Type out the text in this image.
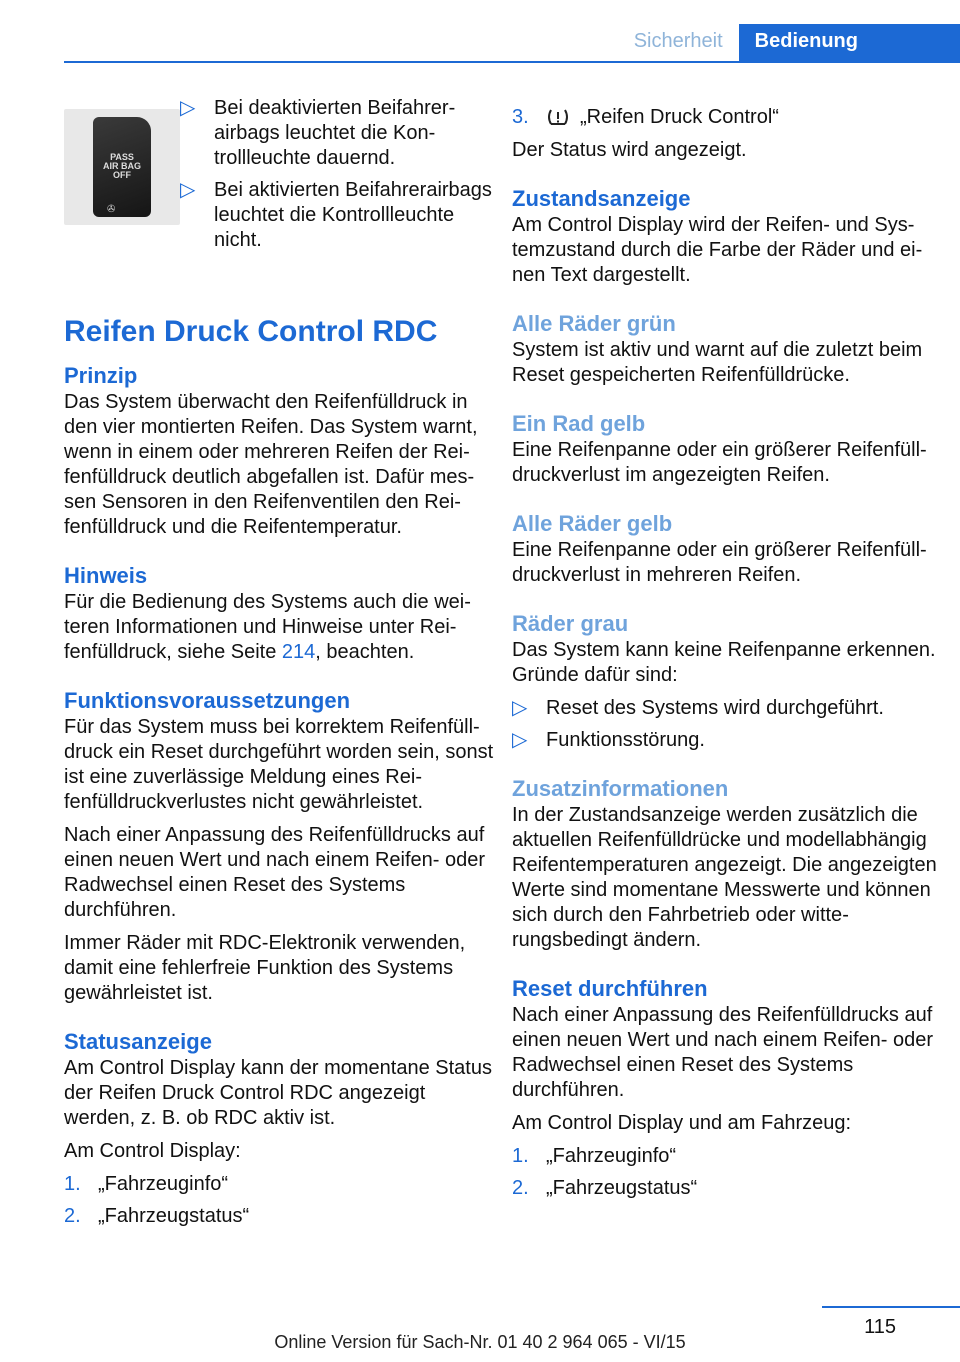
Sicherheit	Bedienung
PASS
AIR BAG
OFF
✇
▷ Bei deaktivierten Beifahrerairbags leuchtet die Kontrollleuchte dauernd.
▷ Bei aktivierten Beifahrerairbags leuchtet die Kontrollleuchte nicht.
Reifen Druck Control RDC
Prinzip

Das System überwacht den Reifenfülldruck in den vier montierten Reifen. Das System warnt, wenn in einem oder mehreren Reifen der Reifenfülldruck deutlich abgefallen ist. Dafür messen Sensoren in den Reifenventilen den Reifenfülldruck und die Reifentemperatur.

Hinweis

Für die Bedienung des Systems auch die weiteren Informationen und Hinweise unter Reifenfülldruck, siehe Seite 214, beachten.

Funktionsvoraussetzungen

Für das System muss bei korrektem Reifenfülldruck ein Reset durchgeführt worden sein, sonst ist eine zuverlässige Meldung eines Reifenfülldruckverlustes nicht gewährleistet.

Nach einer Anpassung des Reifenfülldrucks auf einen neuen Wert und nach einem Reifen- oder Radwechsel einen Reset des Systems durchführen.

Immer Räder mit RDC-Elektronik verwenden, damit eine fehlerfreie Funktion des Systems gewährleistet ist.

Statusanzeige

Am Control Display kann der momentane Status der Reifen Druck Control RDC angezeigt werden, z. B. ob RDC aktiv ist.

Am Control Display:

1. „Fahrzeuginfo“
2. „Fahrzeugstatus“
3.	„Reifen Druck Control“

Der Status wird angezeigt.

Zustandsanzeige

Am Control Display wird der Reifen- und Systemzustand durch die Farbe der Räder und einen Text dargestellt.

Alle Räder grün

System ist aktiv und warnt auf die zuletzt beim Reset gespeicherten Reifenfülldrücke.

Ein Rad gelb

Eine Reifenpanne oder ein größerer Reifenfülldruckverlust im angezeigten Reifen.

Alle Räder gelb

Eine Reifenpanne oder ein größerer Reifenfülldruckverlust in mehreren Reifen.

Räder grau

Das System kann keine Reifenpanne erkennen. Gründe dafür sind:

▷ Reset des Systems wird durchgeführt.
▷ Funktionsstörung.
Zusatzinformationen

In der Zustandsanzeige werden zusätzlich die aktuellen Reifenfülldrücke und modellabhängig Reifentemperaturen angezeigt. Die angezeigten Werte sind momentane Messwerte und können sich durch den Fahrbetrieb oder witterungsbedingt ändern.

Reset durchführen

Nach einer Anpassung des Reifenfülldrucks auf einen neuen Wert und nach einem Reifen- oder Radwechsel einen Reset des Systems durchführen.

Am Control Display und am Fahrzeug:

1. „Fahrzeuginfo“
2. „Fahrzeugstatus“
115
Online Version für Sach-Nr. 01 40 2 964 065 - VI/15
